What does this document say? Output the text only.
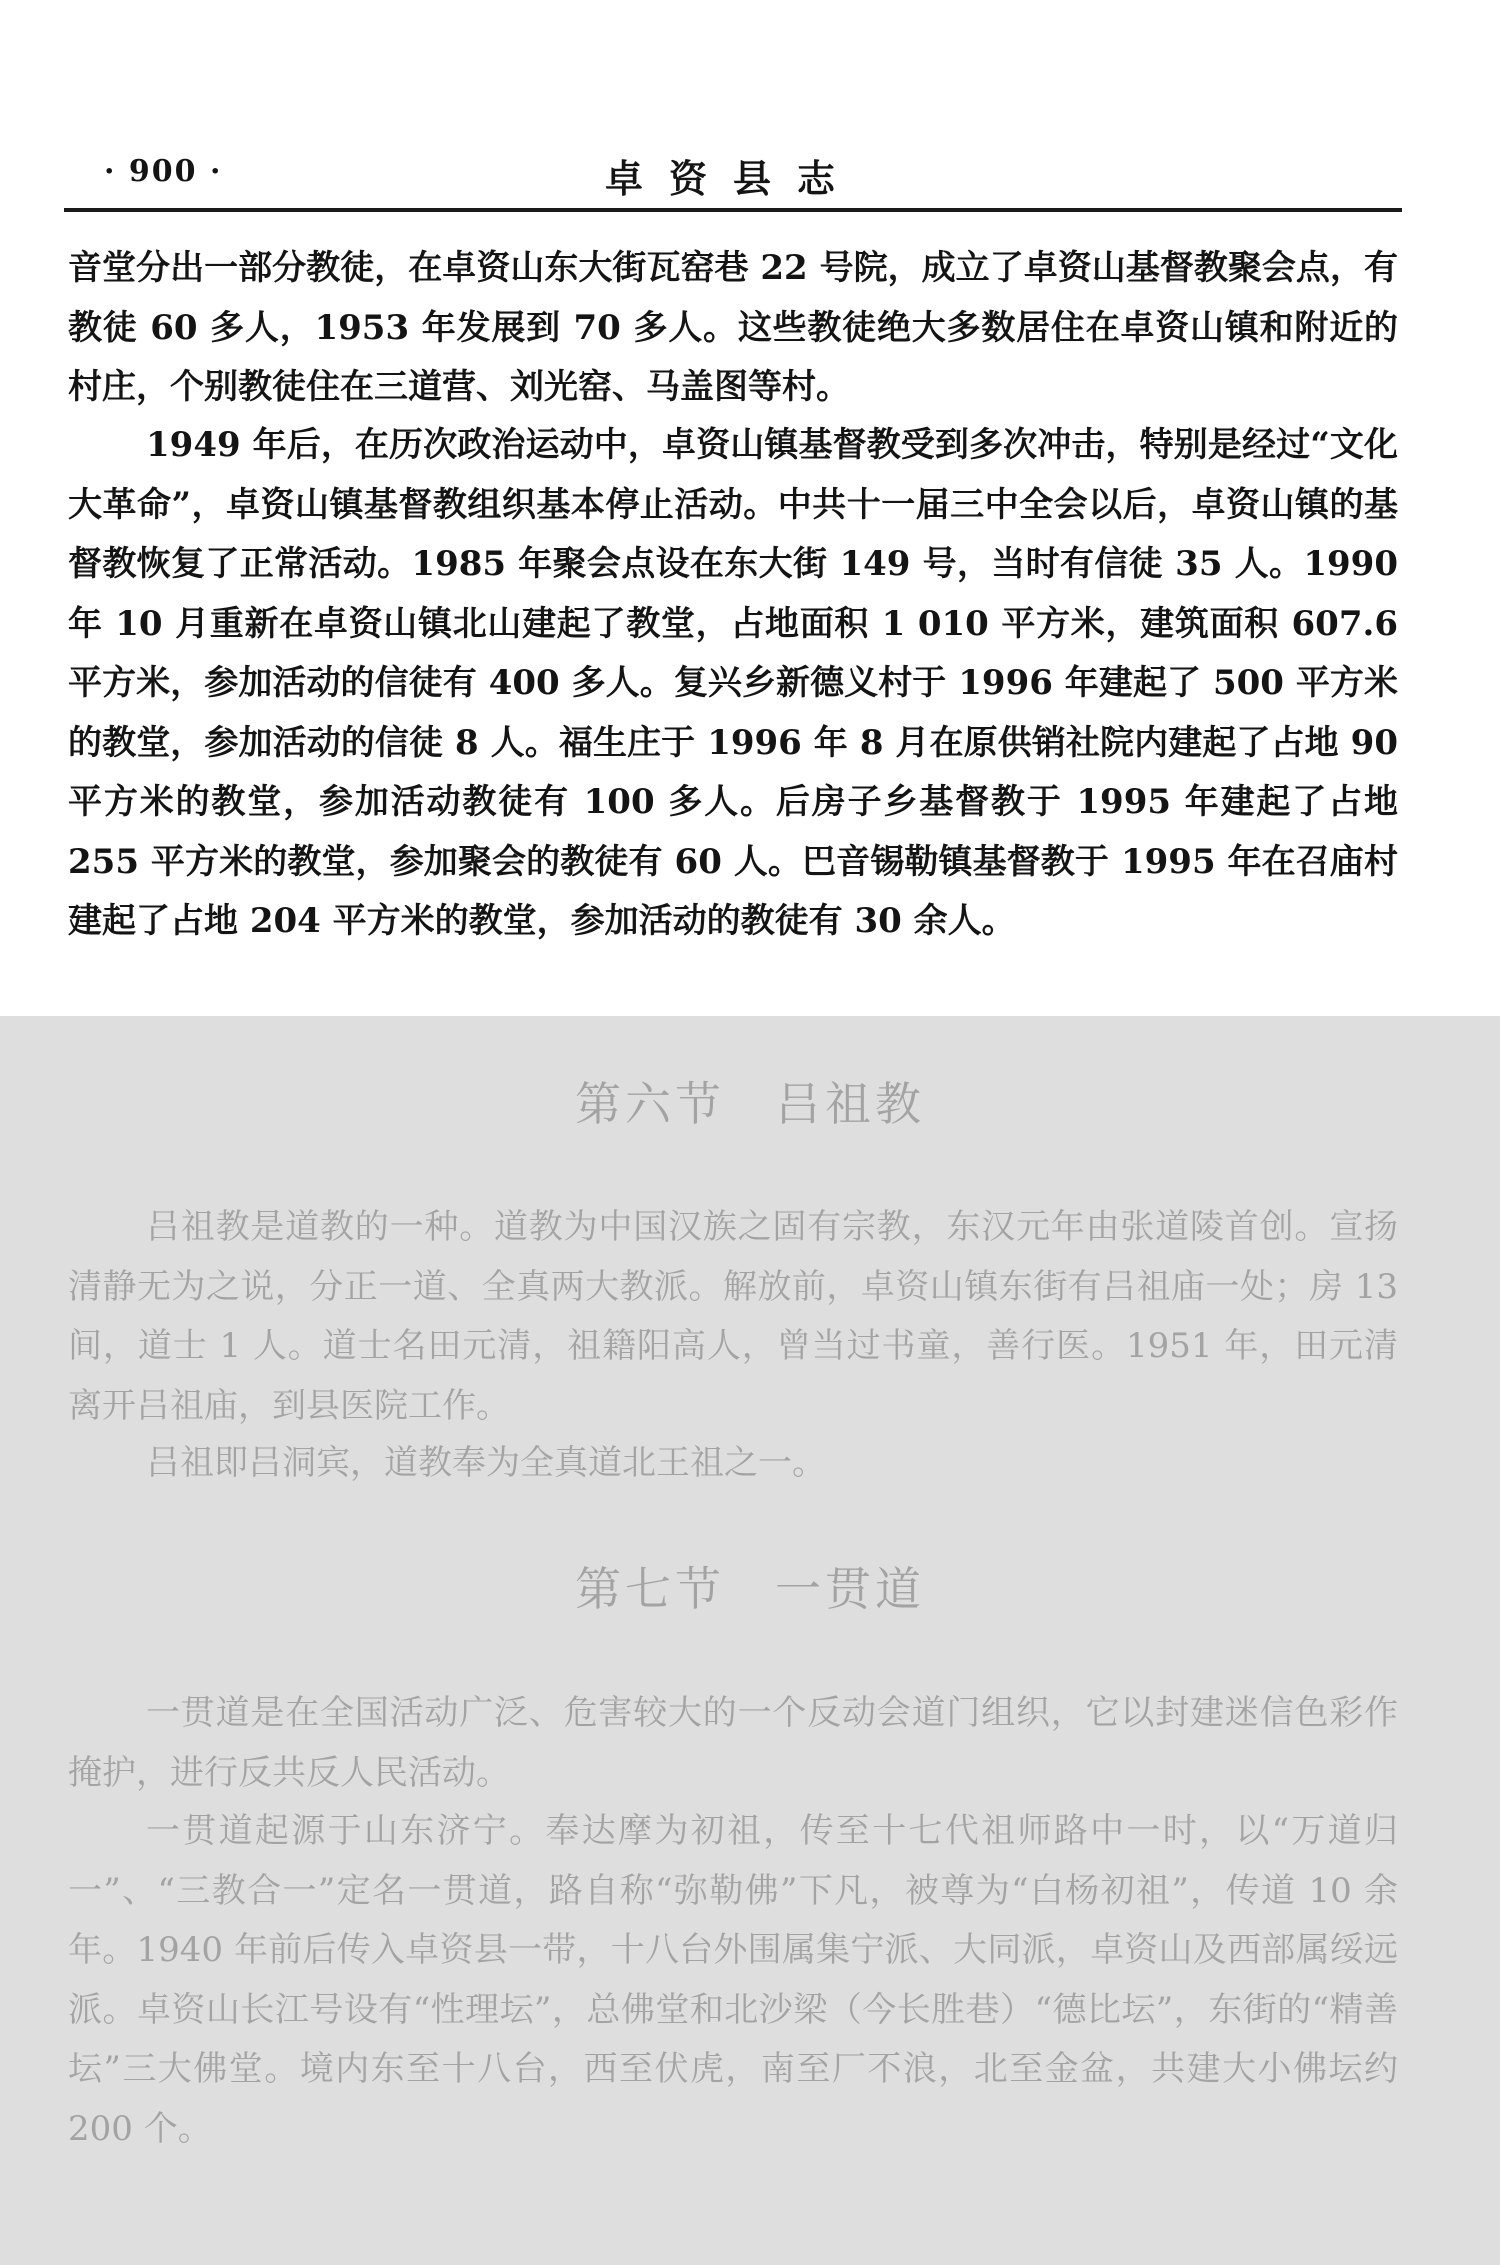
· 900 ·	卓资县志

音堂分出一部分教徒，在卓资山东大街瓦窑巷 22 号院，成立了卓资山基督教聚会点，有教徒 60 多人，1953 年发展到 70 多人。这些教徒绝大多数居住在卓资山镇和附近的村庄，个别教徒住在三道营、刘光窑、马盖图等村。

1949 年后，在历次政治运动中，卓资山镇基督教受到多次冲击，特别是经过“文化大革命”，卓资山镇基督教组织基本停止活动。中共十一届三中全会以后，卓资山镇的基督教恢复了正常活动。1985 年聚会点设在东大街 149 号，当时有信徒 35 人。1990 年 10 月重新在卓资山镇北山建起了教堂，占地面积 1 010 平方米，建筑面积 607.6 平方米，参加活动的信徒有 400 多人。复兴乡新德义村于 1996 年建起了 500 平方米的教堂，参加活动的信徒 8 人。福生庄于 1996 年 8 月在原供销社院内建起了占地 90 平方米的教堂，参加活动教徒有 100 多人。后房子乡基督教于 1995 年建起了占地 255 平方米的教堂，参加聚会的教徒有 60 人。巴音锡勒镇基督教于 1995 年在召庙村建起了占地 204 平方米的教堂，参加活动的教徒有 30 余人。

第六节　吕祖教

吕祖教是道教的一种。道教为中国汉族之固有宗教，东汉元年由张道陵首创。宣扬清静无为之说，分正一道、全真两大教派。解放前，卓资山镇东街有吕祖庙一处；房 13 间，道士 1 人。道士名田元清，祖籍阳高人，曾当过书童，善行医。1951 年，田元清离开吕祖庙，到县医院工作。

吕祖即吕洞宾，道教奉为全真道北王祖之一。

第七节　一贯道

一贯道是在全国活动广泛、危害较大的一个反动会道门组织，它以封建迷信色彩作掩护，进行反共反人民活动。

一贯道起源于山东济宁。奉达摩为初祖，传至十七代祖师路中一时，以“万道归一”、“三教合一”定名一贯道，路自称“弥勒佛”下凡，被尊为“白杨初祖”，传道 10 余年。1940 年前后传入卓资县一带，十八台外围属集宁派、大同派，卓资山及西部属绥远派。卓资山长江号设有“性理坛”，总佛堂和北沙梁（今长胜巷）“德比坛”，东街的“精善坛”三大佛堂。境内东至十八台，西至伏虎，南至厂不浪，北至金盆，共建大小佛坛约 200 个。
